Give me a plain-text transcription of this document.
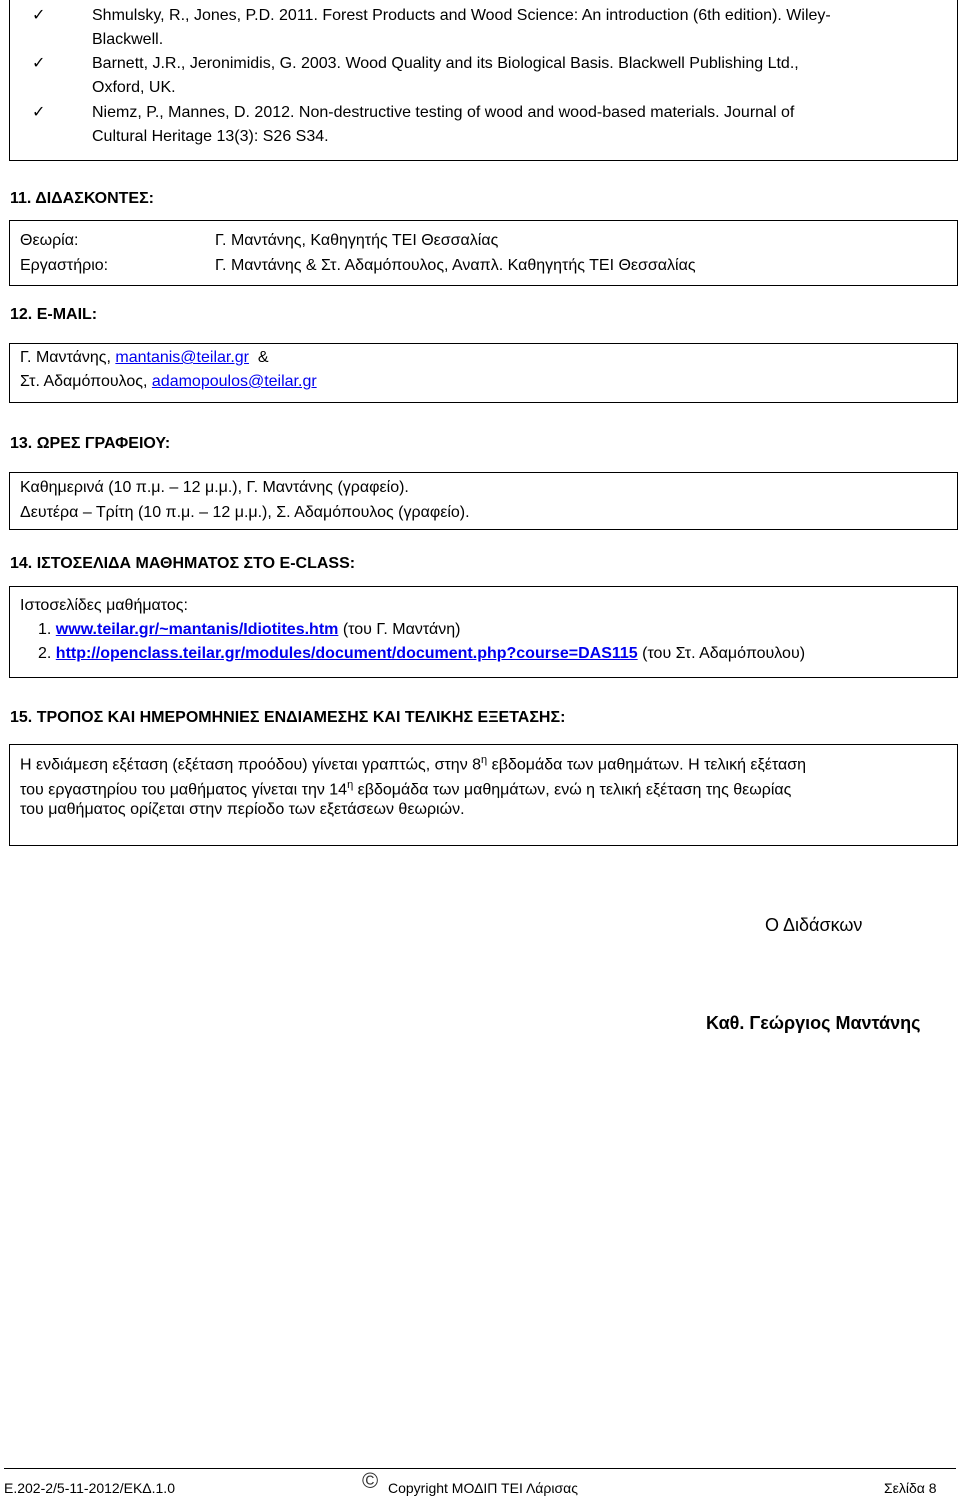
✓	Shmulsky, R., Jones, P.D. 2011. Forest Products and Wood Science: An introduction (6th edition). Wiley-
Blackwell.
✓	Barnett, J.R., Jeronimidis, G. 2003. Wood Quality and its Biological Basis. Blackwell Publishing Ltd.,
Oxford, UK.
✓	Niemz, P., Mannes, D. 2012. Non-destructive testing of wood and wood-based materials. Journal of
Cultural Heritage 13(3): S26 S34.
11. ΔΙΔΑΣΚΟΝΤΕΣ:
Θεωρία:	Γ. Μαντάνης, Καθηγητής ΤΕΙ Θεσσαλίας
Εργαστήριο:	Γ. Μαντάνης & Στ. Αδαμόπουλος, Αναπλ. Καθηγητής ΤΕΙ Θεσσαλίας
12. E-MAIL:
Γ. Μαντάνης, mantanis@teilar.gr  &
Στ. Αδαμόπουλος, adamopoulos@teilar.gr
13. ΩΡΕΣ ΓΡΑΦΕΙΟΥ:
Καθημερινά (10 π.μ. – 12 μ.μ.), Γ. Μαντάνης (γραφείο).
Δευτέρα – Τρίτη (10 π.μ. – 12 μ.μ.), Σ. Αδαμόπουλος (γραφείο).
14. ΙΣΤΟΣΕΛΙΔΑ ΜΑΘΗΜΑΤΟΣ ΣΤΟ E-CLASS:
Ιστοσελίδες μαθήματος:
1. www.teilar.gr/~mantanis/Idiotites.htm (του Γ. Μαντάνη)
2. http://openclass.teilar.gr/modules/document/document.php?course=DAS115 (του Στ. Αδαμόπουλου)
15. ΤΡΟΠΟΣ ΚΑΙ ΗΜΕΡΟΜΗΝΙΕΣ ΕΝΔΙΑΜΕΣΗΣ ΚΑΙ ΤΕΛΙΚΗΣ ΕΞΕΤΑΣΗΣ:
Η ενδιάμεση εξέταση (εξέταση προόδου) γίνεται γραπτώς, στην $8^\eta$ εβδομάδα των μαθημάτων. Η τελική εξέταση
του εργαστηρίου του μαθήματος γίνεται την $14^\eta$ εβδομάδα των μαθημάτων, ενώ η τελική εξέταση της θεωρίας
του μαθήματος ορίζεται στην περίοδο των εξετάσεων θεωριών.
Ο Διδάσκων
Καθ. Γεώργιος Μαντάνης
Ε.202-2/5-11-2012/ΕΚΔ.1.0	© Copyright ΜΟΔΙΠ ΤΕΙ Λάρισας	Σελίδα 8
